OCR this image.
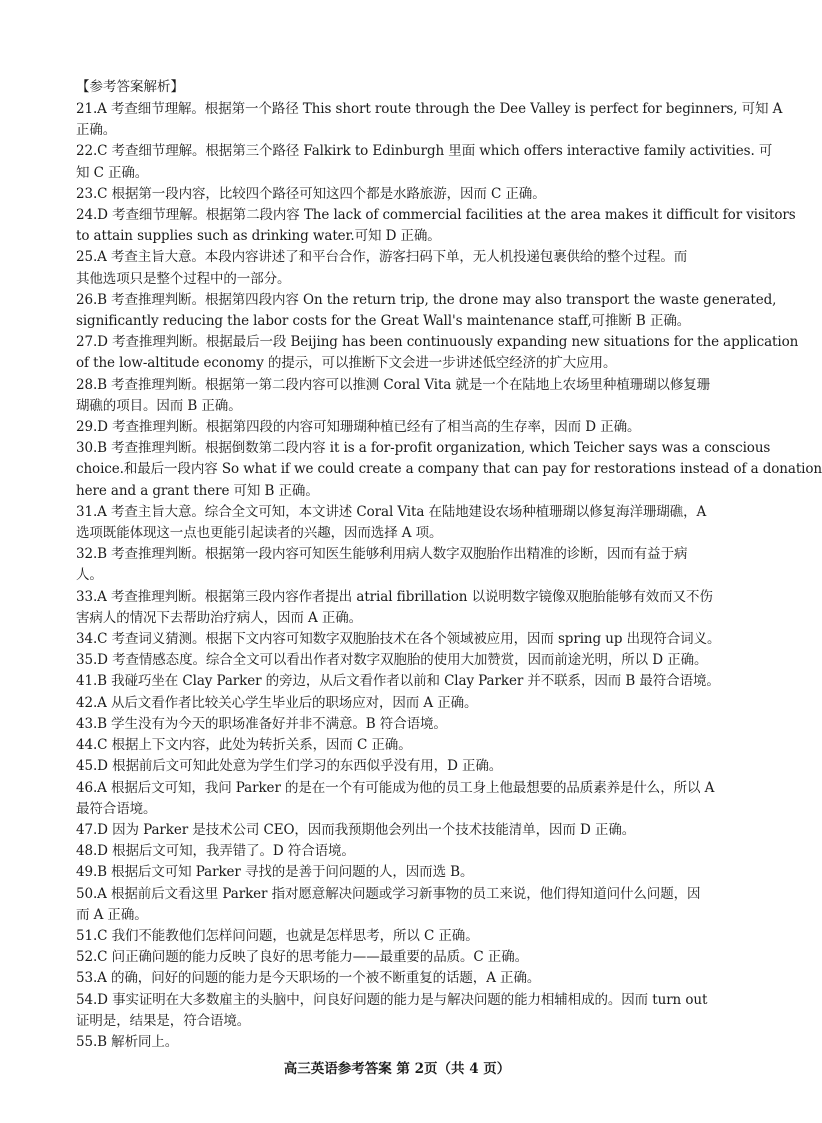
【参考答案解析】
21.A 考查细节理解。根据第一个路径 This short route through the Dee Valley is perfect for beginners, 可知 A
正确。
22.C 考查细节理解。根据第三个路径 Falkirk to Edinburgh 里面 which offers interactive family activities. 可
知 C 正确。
23.C 根据第一段内容，比较四个路径可知这四个都是水路旅游，因而 C 正确。
24.D 考查细节理解。根据第二段内容 The lack of commercial facilities at the area makes it difficult for visitors
to attain supplies such as drinking water.可知 D 正确。
25.A 考查主旨大意。本段内容讲述了和平台合作，游客扫码下单，无人机投递包裹供给的整个过程。而
其他选项只是整个过程中的一部分。
26.B 考查推理判断。根据第四段内容 On the return trip, the drone may also transport the waste generated,
significantly reducing the labor costs for the Great Wall's maintenance staff,可推断 B 正确。
27.D 考查推理判断。根据最后一段 Beijing has been continuously expanding new situations for the application
of the low-altitude economy 的提示，可以推断下文会进一步讲述低空经济的扩大应用。
28.B 考查推理判断。根据第一第二段内容可以推测 Coral Vita 就是一个在陆地上农场里种植珊瑚以修复珊
瑚礁的项目。因而 B 正确。
29.D 考查推理判断。根据第四段的内容可知珊瑚种植已经有了相当高的生存率，因而 D 正确。
30.B 考查推理判断。根据倒数第二段内容 it is a for-profit organization, which Teicher says was a conscious
choice.和最后一段内容 So what if we could create a company that can pay for restorations instead of a donation
here and a grant there 可知 B 正确。
31.A 考查主旨大意。综合全文可知，本文讲述 Coral Vita 在陆地建设农场种植珊瑚以修复海洋珊瑚礁，A
选项既能体现这一点也更能引起读者的兴趣，因而选择 A 项。
32.B 考查推理判断。根据第一段内容可知医生能够利用病人数字双胞胎作出精准的诊断，因而有益于病
人。
33.A 考查推理判断。根据第三段内容作者提出 atrial fibrillation 以说明数字镜像双胞胎能够有效而又不伤
害病人的情况下去帮助治疗病人，因而 A 正确。
34.C 考查词义猜测。根据下文内容可知数字双胞胎技术在各个领域被应用，因而 spring up 出现符合词义。
35.D 考查情感态度。综合全文可以看出作者对数字双胞胎的使用大加赞赏，因而前途光明，所以 D 正确。
41.B 我碰巧坐在 Clay Parker 的旁边，从后文看作者以前和 Clay Parker 并不联系，因而 B 最符合语境。
42.A 从后文看作者比较关心学生毕业后的职场应对，因而 A 正确。
43.B 学生没有为今天的职场准备好并非不满意。B 符合语境。
44.C 根据上下文内容，此处为转折关系，因而 C 正确。
45.D 根据前后文可知此处意为学生们学习的东西似乎没有用，D 正确。
46.A 根据后文可知，我问 Parker 的是在一个有可能成为他的员工身上他最想要的品质素养是什么，所以 A
最符合语境。
47.D 因为 Parker 是技术公司 CEO，因而我预期他会列出一个技术技能清单，因而 D 正确。
48.D 根据后文可知，我弄错了。D 符合语境。
49.B 根据后文可知 Parker 寻找的是善于问问题的人，因而选 B。
50.A 根据前后文看这里 Parker 指对愿意解决问题或学习新事物的员工来说，他们得知道问什么问题，因
而 A 正确。
51.C 我们不能教他们怎样问问题，也就是怎样思考，所以 C 正确。
52.C 问正确问题的能力反映了良好的思考能力——最重要的品质。C 正确。
53.A 的确，问好的问题的能力是今天职场的一个被不断重复的话题，A 正确。
54.D 事实证明在大多数雇主的头脑中，问良好问题的能力是与解决问题的能力相辅相成的。因而 turn out
证明是，结果是，符合语境。
55.B 解析同上。
高三英语参考答案 第 2页（共 4 页）
